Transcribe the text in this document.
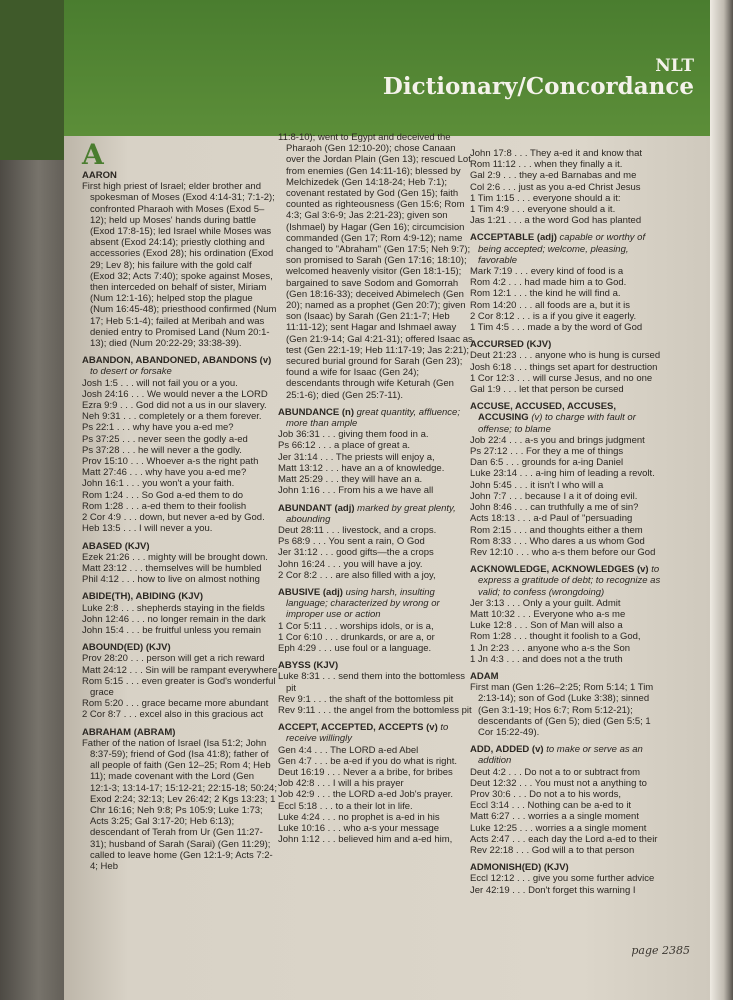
NLT
Dictionary/Concordance
A

AARON

First high priest of Israel; elder brother and spokesman of Moses (Exod 4:14-31; 7:1-2); confronted Pharaoh with Moses (Exod 5–12); held up Moses' hands during battle (Exod 17:8-15); led Israel while Moses was absent (Exod 24:14); priestly clothing and accessories (Exod 28); his ordination (Exod 29; Lev 8); his failure with the gold calf (Exod 32; Acts 7:40); spoke against Moses, then interceded on behalf of sister, Miriam (Num 12:1-16); helped stop the plague (Num 16:45-48); priesthood confirmed (Num 17; Heb 5:1-4); failed at Meribah and was denied entry to Promised Land (Num 20:1-13); died (Num 20:22-29; 33:38-39).

ABANDON, ABANDONED, ABANDONS (v) to desert or forsake

Josh 1:5 . . . will not fail you or a you.

Josh 24:16 . . . We would never a the LORD

Ezra 9:9 . . . God did not a us in our slavery.

Neh 9:31 . . . completely or a them forever.

Ps 22:1 . . . why have you a-ed me?

Ps 37:25 . . . never seen the godly a-ed

Ps 37:28 . . . he will never a the godly.

Prov 15:10 . . . Whoever a-s the right path

Matt 27:46 . . . why have you a-ed me?

John 16:1 . . . you won't a your faith.

Rom 1:24 . . . So God a-ed them to do

Rom 1:28 . . . a-ed them to their foolish

2 Cor 4:9 . . . down, but never a-ed by God.

Heb 13:5 . . . I will never a you.

ABASED (KJV)

Ezek 21:26 . . . mighty will be brought down.

Matt 23:12 . . . themselves will be humbled

Phil 4:12 . . . how to live on almost nothing

ABIDE(TH), ABIDING (KJV)

Luke 2:8 . . . shepherds staying in the fields

John 12:46 . . . no longer remain in the dark

John 15:4 . . . be fruitful unless you remain

ABOUND(ED) (KJV)

Prov 28:20 . . . person will get a rich reward

Matt 24:12 . . . Sin will be rampant everywhere

Rom 5:15 . . . even greater is God's wonderful grace

Rom 5:20 . . . grace became more abundant

2 Cor 8:7 . . . excel also in this gracious act

ABRAHAM (ABRAM)

Father of the nation of Israel (Isa 51:2; John 8:37-59); friend of God (Isa 41:8); father of all people of faith (Gen 12–25; Rom 4; Heb 11); made covenant with the Lord (Gen 12:1-3; 13:14-17; 15:12-21; 22:15-18; 50:24; Exod 2:24; 32:13; Lev 26:42; 2 Kgs 13:23; 1 Chr 16:16; Neh 9:8; Ps 105:9; Luke 1:73; Acts 3:25; Gal 3:17-20; Heb 6:13); descendant of Terah from Ur (Gen 11:27-31); husband of Sarah (Sarai) (Gen 11:29); called to leave home (Gen 12:1-9; Acts 7:2-4; Heb

11:8-10); went to Egypt and deceived the Pharaoh (Gen 12:10-20); chose Canaan over the Jordan Plain (Gen 13); rescued Lot from enemies (Gen 14:11-16); blessed by Melchizedek (Gen 14:18-24; Heb 7:1); covenant restated by God (Gen 15); faith counted as righteousness (Gen 15:6; Rom 4:3; Gal 3:6-9; Jas 2:21-23); given son (Ishmael) by Hagar (Gen 16); circumcision commanded (Gen 17; Rom 4:9-12); name changed to "Abraham" (Gen 17:5; Neh 9:7); son promised to Sarah (Gen 17:16; 18:10); welcomed heavenly visitor (Gen 18:1-15); bargained to save Sodom and Gomorrah (Gen 18:16-33); deceived Abimelech (Gen 20); named as a prophet (Gen 20:7); given son (Isaac) by Sarah (Gen 21:1-7; Heb 11:11-12); sent Hagar and Ishmael away (Gen 21:9-14; Gal 4:21-31); offered Isaac as test (Gen 22:1-19; Heb 11:17-19; Jas 2:21); secured burial ground for Sarah (Gen 23); found a wife for Isaac (Gen 24); descendants through wife Keturah (Gen 25:1-6); died (Gen 25:7-11).

ABUNDANCE (n) great quantity, affluence; more than ample

Job 36:31 . . . giving them food in a.

Ps 66:12 . . . a place of great a.

Jer 31:14 . . . The priests will enjoy a,

Matt 13:12 . . . have an a of knowledge.

Matt 25:29 . . . they will have an a.

John 1:16 . . . From his a we have all

ABUNDANT (adj) marked by great plenty, abounding

Deut 28:11 . . . livestock, and a crops.

Ps 68:9 . . . You sent a rain, O God

Jer 31:12 . . . good gifts—the a crops

John 16:24 . . . you will have a joy.

2 Cor 8:2 . . . are also filled with a joy,

ABUSIVE (adj) using harsh, insulting language; characterized by wrong or improper use or action

1 Cor 5:11 . . . worships idols, or is a,

1 Cor 6:10 . . . drunkards, or are a, or

Eph 4:29 . . . use foul or a language.

ABYSS (KJV)

Luke 8:31 . . . send them into the bottomless pit

Rev 9:1 . . . the shaft of the bottomless pit

Rev 9:11 . . . the angel from the bottomless pit

ACCEPT, ACCEPTED, ACCEPTS (v) to receive willingly

Gen 4:4 . . . The LORD a-ed Abel

Gen 4:7 . . . be a-ed if you do what is right.

Deut 16:19 . . . Never a a bribe, for bribes

Job 42:8 . . . I will a his prayer

Job 42:9 . . . the LORD a-ed Job's prayer.

Eccl 5:18 . . . to a their lot in life.

Luke 4:24 . . . no prophet is a-ed in his

Luke 10:16 . . . who a-s your message

John 1:12 . . . believed him and a-ed him,

John 17:8 . . . They a-ed it and know that

Rom 11:12 . . . when they finally a it.

Gal 2:9 . . . they a-ed Barnabas and me

Col 2:6 . . . just as you a-ed Christ Jesus

1 Tim 1:15 . . . everyone should a it:

1 Tim 4:9 . . . everyone should a it.

Jas 1:21 . . . a the word God has planted

ACCEPTABLE (adj) capable or worthy of being accepted; welcome, pleasing, favorable

Mark 7:19 . . . every kind of food is a

Rom 4:2 . . . had made him a to God.

Rom 12:1 . . . the kind he will find a.

Rom 14:20 . . . all foods are a, but it is

2 Cor 8:12 . . . is a if you give it eagerly.

1 Tim 4:5 . . . made a by the word of God

ACCURSED (KJV)

Deut 21:23 . . . anyone who is hung is cursed

Josh 6:18 . . . things set apart for destruction

1 Cor 12:3 . . . will curse Jesus, and no one

Gal 1:9 . . . let that person be cursed

ACCUSE, ACCUSED, ACCUSES, ACCUSING (v) to charge with fault or offense; to blame

Job 22:4 . . . a-s you and brings judgment

Ps 27:12 . . . For they a me of things

Dan 6:5 . . . grounds for a-ing Daniel

Luke 23:14 . . . a-ing him of leading a revolt.

John 5:45 . . . it isn't I who will a

John 7:7 . . . because I a it of doing evil.

John 8:46 . . . can truthfully a me of sin?

Acts 18:13 . . . a-d Paul of "persuading

Rom 2:15 . . . and thoughts either a them

Rom 8:33 . . . Who dares a us whom God

Rev 12:10 . . . who a-s them before our God

ACKNOWLEDGE, ACKNOWLEDGES (v) to express a gratitude of debt; to recognize as valid; to confess (wrongdoing)

Jer 3:13 . . . Only a your guilt. Admit

Matt 10:32 . . . Everyone who a-s me

Luke 12:8 . . . Son of Man will also a

Rom 1:28 . . . thought it foolish to a God,

1 Jn 2:23 . . . anyone who a-s the Son

1 Jn 4:3 . . . and does not a the truth

ADAM

First man (Gen 1:26–2:25; Rom 5:14; 1 Tim 2:13-14); son of God (Luke 3:38); sinned (Gen 3:1-19; Hos 6:7; Rom 5:12-21); descendants of (Gen 5); died (Gen 5:5; 1 Cor 15:22-49).

ADD, ADDED (v) to make or serve as an addition

Deut 4:2 . . . Do not a to or subtract from

Deut 12:32 . . . You must not a anything to

Prov 30:6 . . . Do not a to his words,

Eccl 3:14 . . . Nothing can be a-ed to it

Matt 6:27 . . . worries a a single moment

Luke 12:25 . . . worries a a single moment

Acts 2:47 . . . each day the Lord a-ed to their

Rev 22:18 . . . God will a to that person

ADMONISH(ED) (KJV)

Eccl 12:12 . . . give you some further advice

Jer 42:19 . . . Don't forget this warning I

page 2385
